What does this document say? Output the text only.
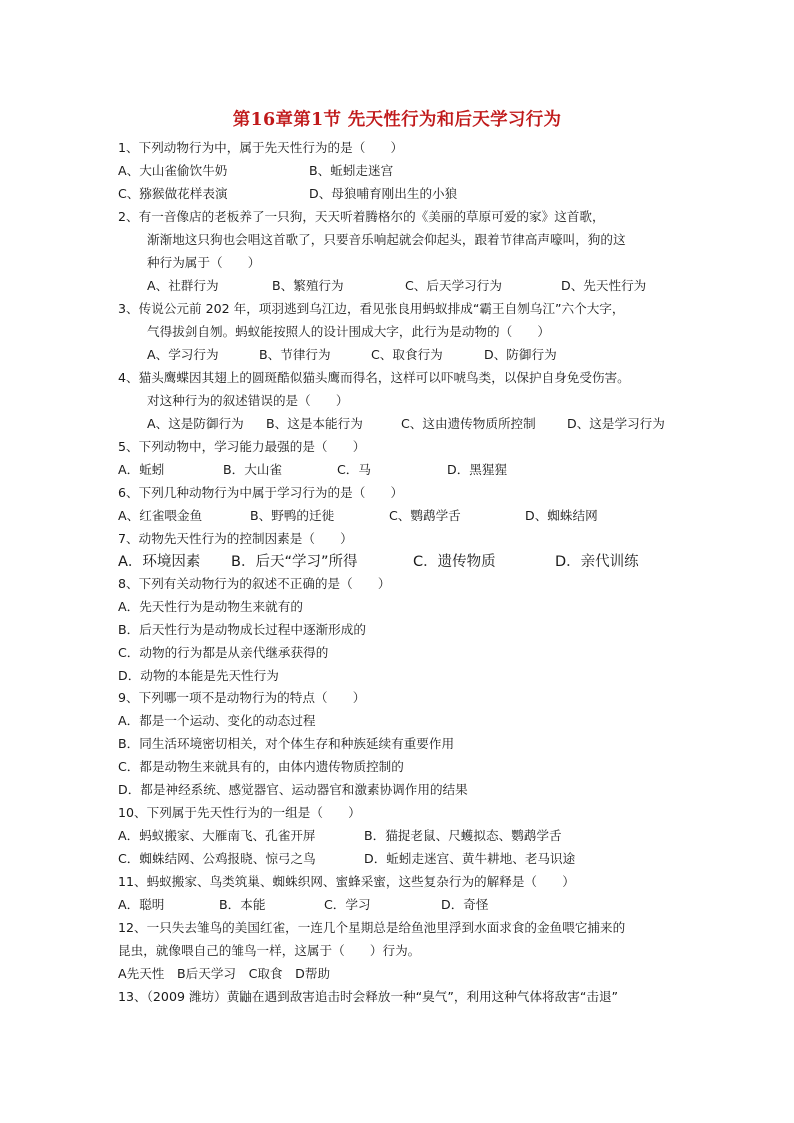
第16章第1节 先天性行为和后天学习行为
1、下列动物行为中，属于先天性行为的是（　　）
A、大山雀偷饮牛奶	B、蚯蚓走迷宫
C、猕猴做花样表演	D、母狼哺育刚出生的小狼
2、有一音像店的老板养了一只狗，天天听着腾格尔的《美丽的草原可爱的家》这首歌，
渐渐地这只狗也会唱这首歌了，只要音乐响起就会仰起头，跟着节律高声嚎叫，狗的这
种行为属于（　　）
A、社群行为	B、繁殖行为	C、后天学习行为	D、先天性行为
3、传说公元前 202 年，项羽逃到乌江边，看见张良用蚂蚁排成“霸王自刎乌江”六个大字，
气得拔剑自刎。蚂蚁能按照人的设计围成大字，此行为是动物的（　　）
A、学习行为	B、节律行为	C、取食行为	D、防御行为
4、猫头鹰蝶因其翅上的圆斑酷似猫头鹰而得名，这样可以吓唬鸟类，以保护自身免受伤害。
对这种行为的叙述错误的是（　　）
A、这是防御行为 B、这是本能行为	C、这由遗传物质所控制 D、这是学习行为
5、下列动物中，学习能力最强的是（　　）
A．蚯蚓	B．大山雀	C．马	D．黑猩猩
6、下列几种动物行为中属于学习行为的是（　　）
A、红雀喂金鱼	B、野鸭的迁徙	C、鹦鹉学舌	D、蜘蛛结网
7、动物先天性行为的控制因素是（　　）
A．环境因素 B．后天“学习”所得	C．遗传物质	D．亲代训练
8、下列有关动物行为的叙述不正确的是（　　）
A．先天性行为是动物生来就有的
B．后天性行为是动物成长过程中逐渐形成的
C．动物的行为都是从亲代继承获得的
D．动物的本能是先天性行为
9、下列哪一项不是动物行为的特点（　　）
A．都是一个运动、变化的动态过程
B．同生活环境密切相关，对个体生存和种族延续有重要作用
C．都是动物生来就具有的，由体内遗传物质控制的
D．都是神经系统、感觉器官、运动器官和激素协调作用的结果
10、下列属于先天性行为的一组是（　　）
A．蚂蚁搬家、大雁南飞、孔雀开屏	B．猫捉老鼠、尺蠖拟态、鹦鹉学舌
C．蜘蛛结网、公鸡报晓、惊弓之鸟	D．蚯蚓走迷宫、黄牛耕地、老马识途
11、蚂蚁搬家、鸟类筑巢、蜘蛛织网、蜜蜂采蜜，这些复杂行为的解释是（　　）
A．聪明	B．本能	C．学习	D．奇怪
12、一只失去雏鸟的美国红雀，一连几个星期总是给鱼池里浮到水面求食的金鱼喂它捕来的
昆虫，就像喂自己的雏鸟一样，这属于（　　）行为。
A先天性　B后天学习　C取食　D帮助
13、（2009 潍坊）黄鼬在遇到敌害追击时会释放一种“臭气”，利用这种气体将敌害“击退”
